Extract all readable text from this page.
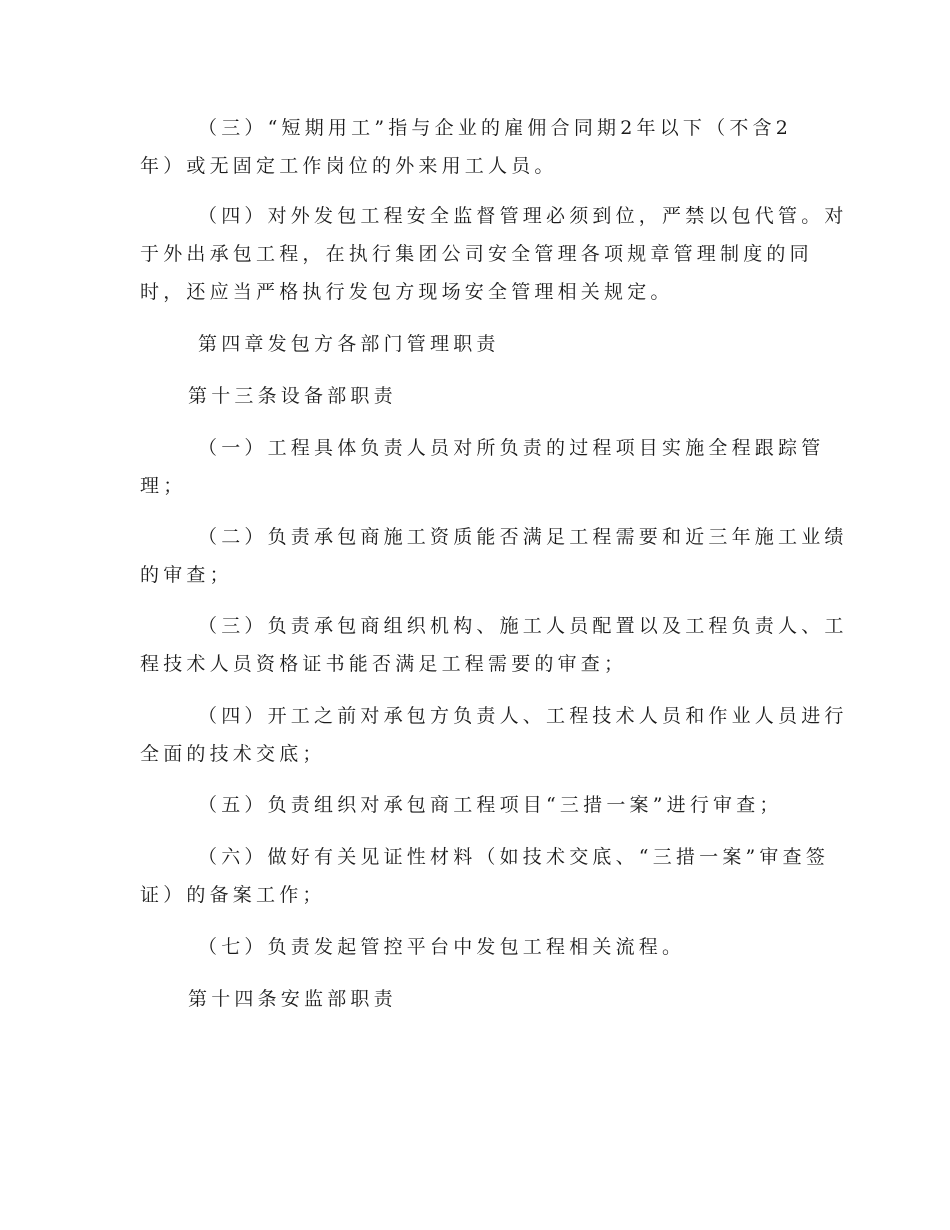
（三）“短期用工”指与企业的雇佣合同期2年以下（不含2
年）或无固定工作岗位的外来用工人员。
（四）对外发包工程安全监督管理必须到位，严禁以包代管。对
于外出承包工程，在执行集团公司安全管理各项规章管理制度的同
时，还应当严格执行发包方现场安全管理相关规定。
第四章发包方各部门管理职责
第十三条设备部职责
（一）工程具体负责人员对所负责的过程项目实施全程跟踪管
理；
（二）负责承包商施工资质能否满足工程需要和近三年施工业绩
的审查；
（三）负责承包商组织机构、施工人员配置以及工程负责人、工
程技术人员资格证书能否满足工程需要的审查；
（四）开工之前对承包方负责人、工程技术人员和作业人员进行
全面的技术交底；
（五）负责组织对承包商工程项目“三措一案”进行审查；
（六）做好有关见证性材料（如技术交底、“三措一案”审查签
证）的备案工作；
（七）负责发起管控平台中发包工程相关流程。
第十四条安监部职责
